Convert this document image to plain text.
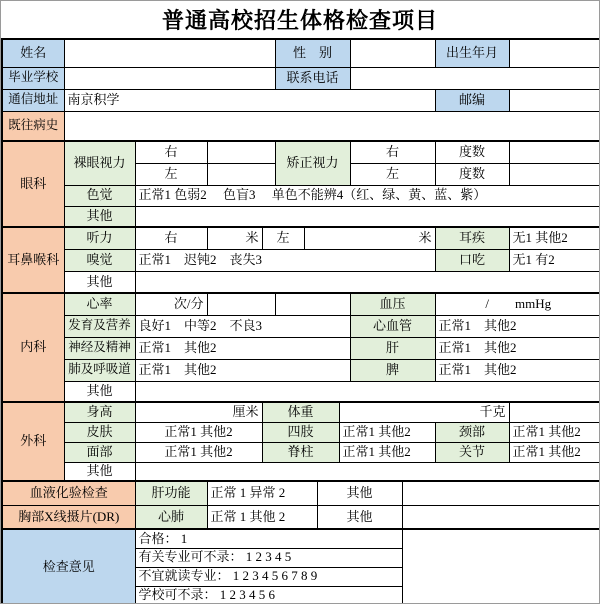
普通高校招生体格检查项目
姓名					性　别						出生年月	
毕业学校					联系电话							
通信地址	南京积学										邮编	
既往病史												
眼科	裸眼视力	右			矫正视力				右		度数	
		左							左		度数	
	色觉	正常1 色弱2　 色盲3　 单色不能辨4（红、绿、黄、蓝、紫）										
	其他											
耳鼻喉科	听力	右	米	左		米					耳疾	无1 其他2
	嗅觉	正常1　迟钝2　丧失3									口吃	无1 有2
	其他											
内科	心率	次/分							血压		/　　mmHg	
	发育及营养	良好1　中等2　不良3							心血管		正常1　其他2	
	神经及精神	正常1　其他2							肝		正常1　其他2	
	肺及呼吸道	正常1　其他2							脾		正常1　其他2	
	其他											
外科	身高	厘米		体重				千克				
	皮肤	正常1 其他2		四肢				正常1 其他2			颈部	正常1 其他2
	面部	正常1 其他2		脊柱				正常1 其他2			关节	正常1 其他2
	其他											
血液化验检查		肝功能	正常 1 异常 2				其他					
胸部X线摄片(DR)		心肺	正常 1 其他 2				其他					
检查意见		合格： 1										
		有关专业可不录： 1 2 3 4 5										
		不宜就读专业： 1 2 3 4 5 6 7 8 9										
		学校可不录： 1 2 3 4 5 6										
